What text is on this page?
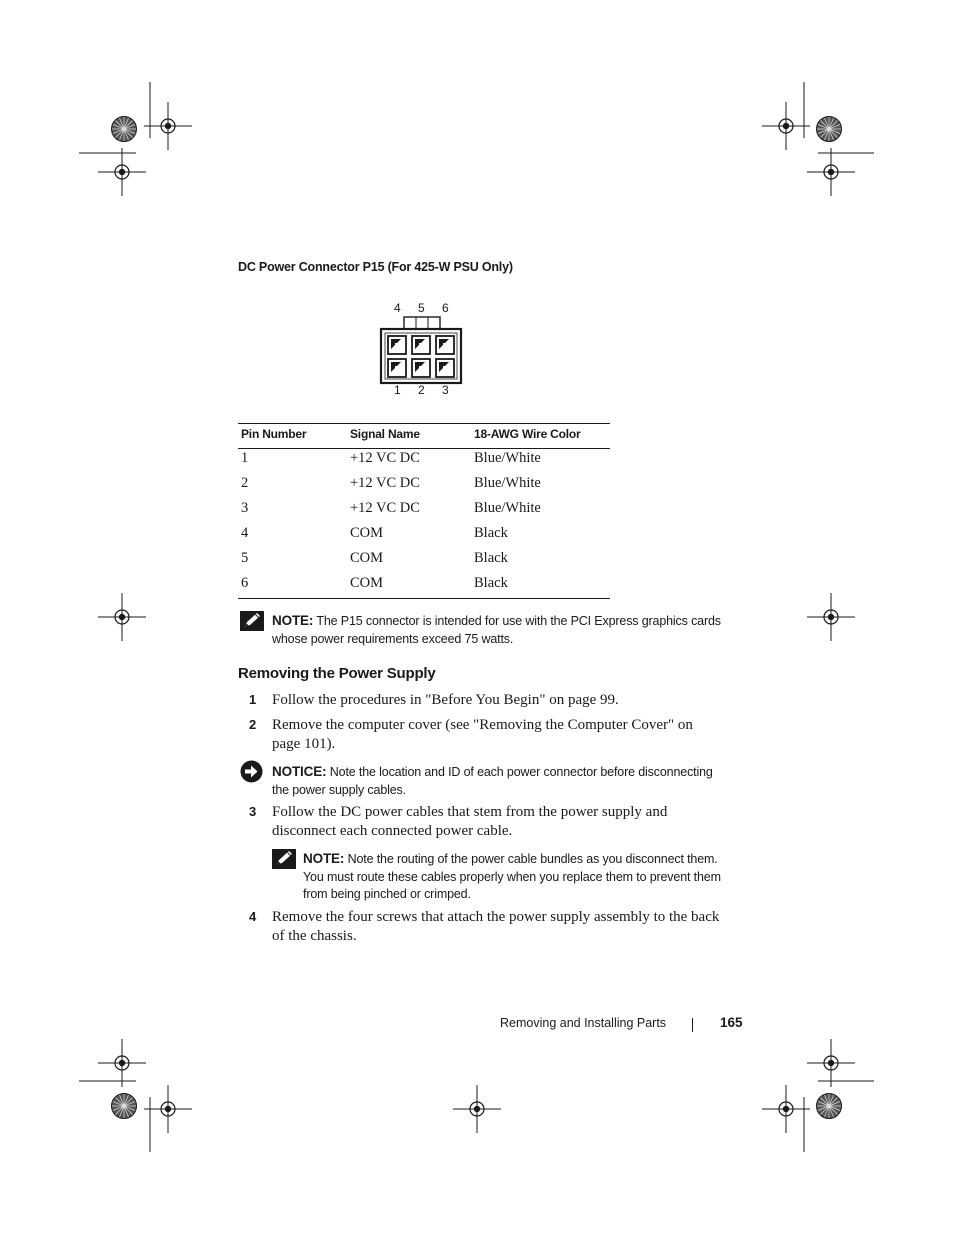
DC Power Connector P15 (For 425-W PSU Only)
4 5 6
1 2 3
Pin Number	Signal Name	18-AWG Wire Color
1	+12 VC DC	Blue/White
2	+12 VC DC	Blue/White
3	+12 VC DC	Blue/White
4	COM	Black
5	COM	Black
6	COM	Black
NOTE: The P15 connector is intended for use with the PCI Express graphics cards
whose power requirements exceed 75 watts.
Removing the Power Supply
1 Follow the procedures in "Before You Begin" on page 99.
2 Remove the computer cover (see "Removing the Computer Cover" on
page 101).
NOTICE: Note the location and ID of each power connector before disconnecting
the power supply cables.
3 Follow the DC power cables that stem from the power supply and
disconnect each connected power cable.
NOTE: Note the routing of the power cable bundles as you disconnect them.
You must route these cables properly when you replace them to prevent them
from being pinched or crimped.
4 Remove the four screws that attach the power supply assembly to the back
of the chassis.
Removing and Installing Parts	165
